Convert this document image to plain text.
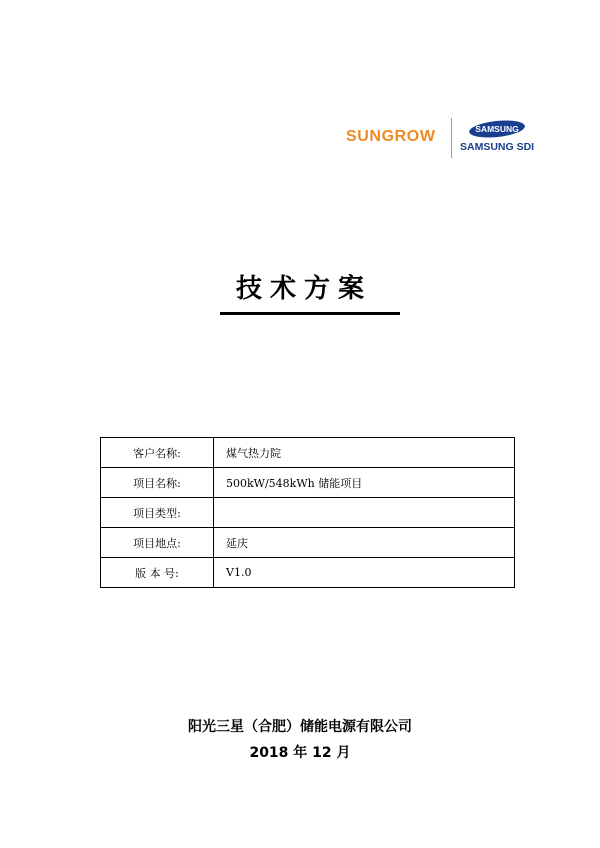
SUNGROW	SAMSUNG
SAMSUNG SDI
技术方案
客户名称:	煤气热力院
项目名称:	500kW/548kWh 储能项目
项目类型:	
项目地点:	延庆
版 本 号:	V1.0
阳光三星（合肥）储能电源有限公司
2018 年 12 月
